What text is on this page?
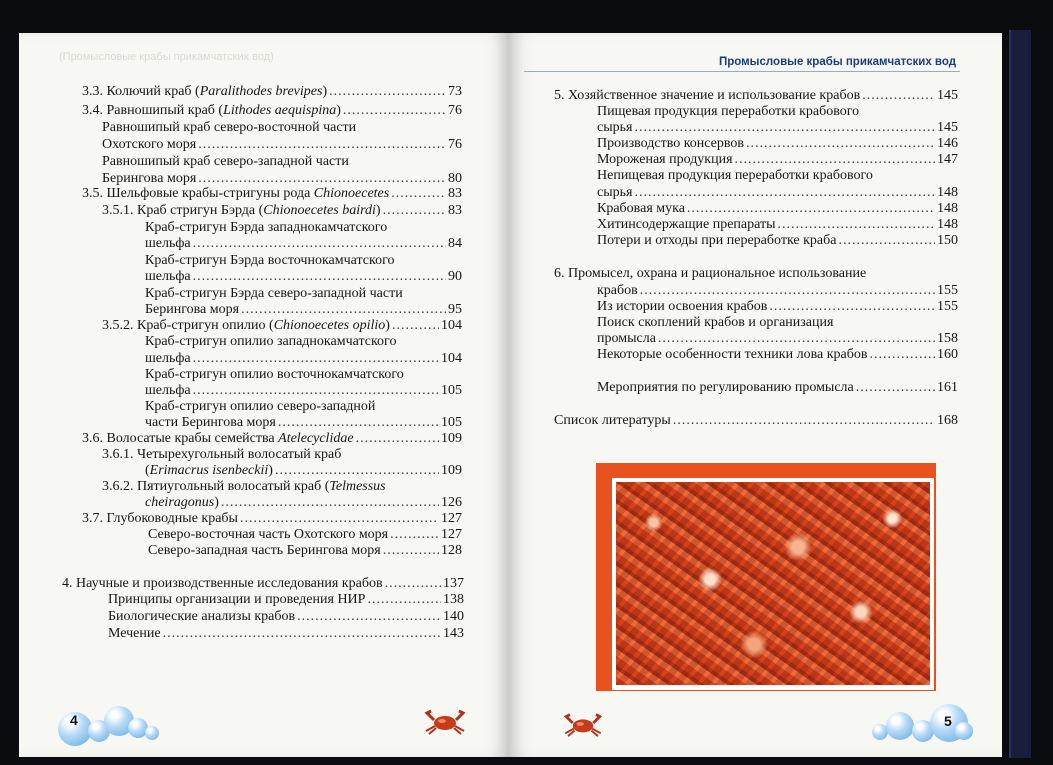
(Промысловые крабы прикамчатских вод)	Промысловые крабы прикамчатских вод
3.3. Колючий краб (Paralithodes brevipes) .....	73
3.4. Равношипый краб (Lithodes aequispina) .....	76
Равношипый краб северо-восточной части
Охотского моря .....	76
Равношипый краб северо-западной части
Беринговa моря .....	80
3.5. Шельфовые крабы-стригуны рода Chionoecetes .....	83
3.5.1. Краб стригун Бэрда (Chionoecetes bairdi) .....	83
Краб-стригун Бэрда западнокамчатского
шельфа .....	84
Краб-стригун Бэрда восточнокамчатского
шельфа .....	90
Краб-стригун Бэрда северо-западной части
Берингова моря .....	95
3.5.2. Краб-стригун опилио (Chionoecetes opilio) .....	104
Краб-стригун опилио западнокамчатского
шельфа .....	104
Краб-стригун опилио восточнокамчатского
шельфа .....	105
Краб-стригун опилио северо-западной
части Беринговa моря .....	105
3.6. Волосатые крабы семейства Atelecyclidae .....	109
3.6.1. Четырехугольный волосатый краб
(Erimacrus isenbeckii) .....	109
3.6.2. Пятиугольный волосатый краб (Telmessus
cheiragonus) .....	126
3.7. Глубоководные крабы .....	127
Северо-восточная часть Охотского моря .....	127
Северо-западная часть Берингова моря .....	128
4. Научные и производственные исследования крабов .....	137
Принципы организации и проведения НИР .....	138
Биологические анализы крабов .....	140
Мечение .....	143
5. Хозяйственное значение и использование крабов .....	145
Пищевая продукция переработки крабового
сырья .....	145
Производство консервов .....	146
Мороженая продукция .....	147
Непищевая продукция переработки крабового
сырья .....	148
Крабовая мука .....	148
Хитинсодержащие препараты .....	148
Потери и отходы при переработке краба .....	150
6. Промысел, охрана и рациональное использование
крабов .....	155
Из истории освоения крабов .....	155
Поиск скоплений крабов и организация
промысла .....	158
Некоторые особенности техники лова крабов .....	160
Мероприятия по регулированию промысла .....	161
Список литературы .....	168
4	5
